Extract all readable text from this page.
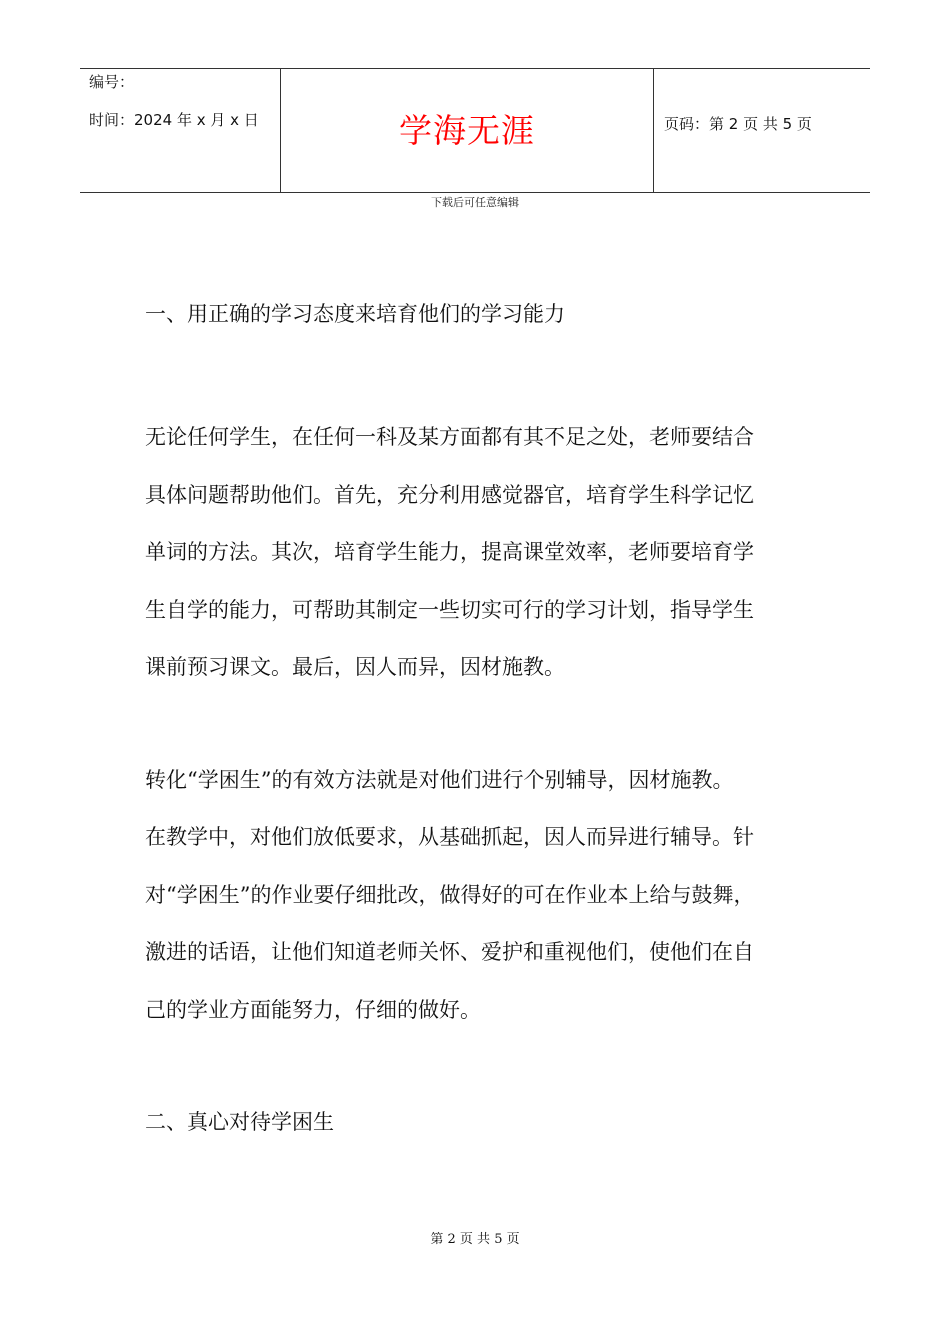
编号：
时间：2024 年 x 月 x 日	学海无涯	页码：第 2 页 共 5 页
下载后可任意编辑

一、用正确的学习态度来培育他们的学习能力

无论任何学生，在任何一科及某方面都有其不足之处，老师要结合

具体问题帮助他们。首先，充分利用感觉器官，培育学生科学记忆

单词的方法。其次，培育学生能力，提高课堂效率，老师要培育学

生自学的能力，可帮助其制定一些切实可行的学习计划，指导学生

课前预习课文。最后，因人而异，因材施教。

转化“学困生”的有效方法就是对他们进行个别辅导，因材施教。

在教学中，对他们放低要求，从基础抓起，因人而异进行辅导。针

对“学困生”的作业要仔细批改，做得好的可在作业本上给与鼓舞，

激进的话语，让他们知道老师关怀、爱护和重视他们，使他们在自

己的学业方面能努力，仔细的做好。

二、真心对待学困生

第 2 页 共 5 页
